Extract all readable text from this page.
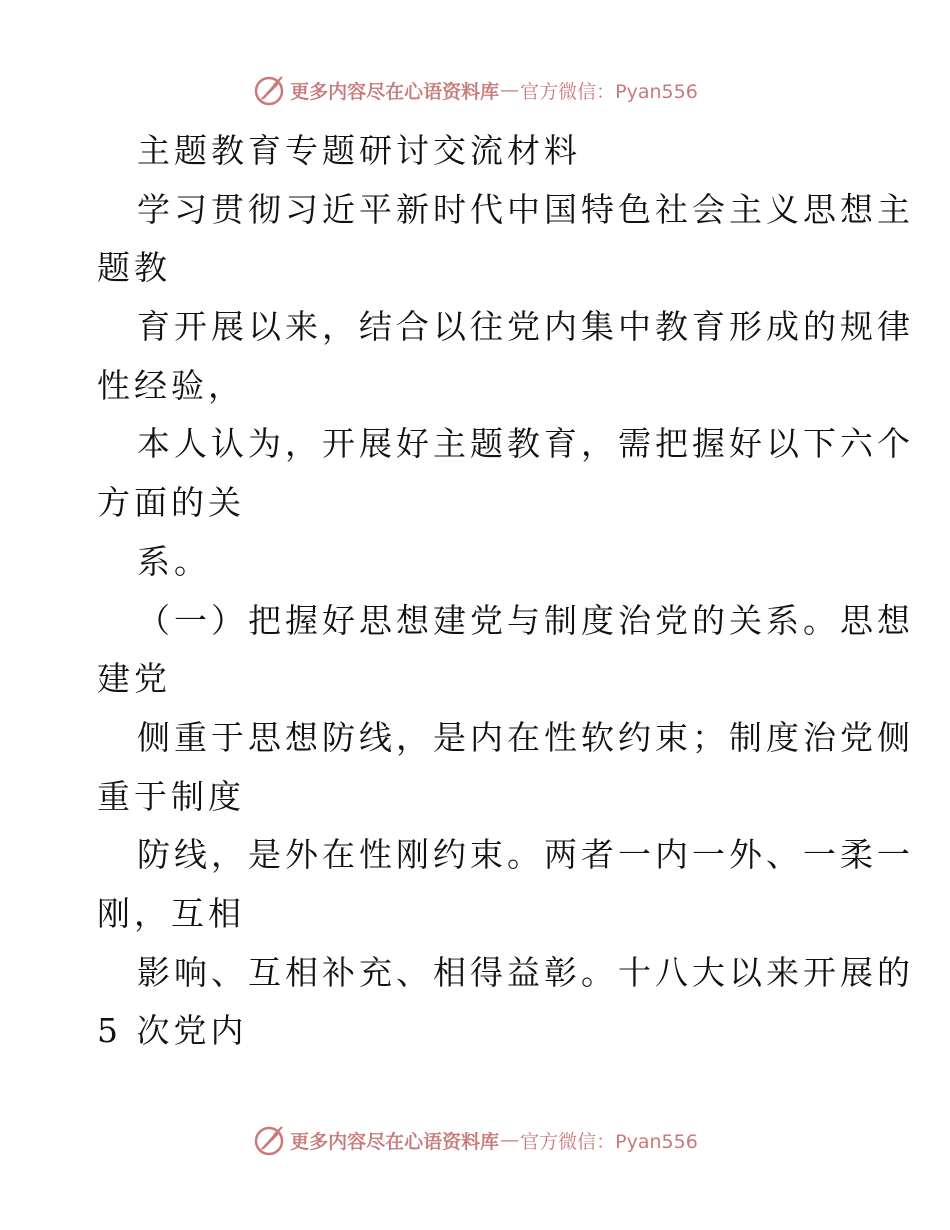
更多内容尽在心语资料库 — 官方微信：Pyan556
主题教育专题研讨交流材料
学习贯彻习近平新时代中国特色社会主义思想主
题教
育开展以来，结合以往党内集中教育形成的规律
性经验，
本人认为，开展好主题教育，需把握好以下六个
方面的关
系。
（一）把握好思想建党与制度治党的关系。思想
建党
侧重于思想防线，是内在性软约束；制度治党侧
重于制度
防线，是外在性刚约束。两者一内一外、一柔一
刚，互相
影响、互相补充、相得益彰。十八大以来开展的
5 次党内
更多内容尽在心语资料库 — 官方微信：Pyan556
